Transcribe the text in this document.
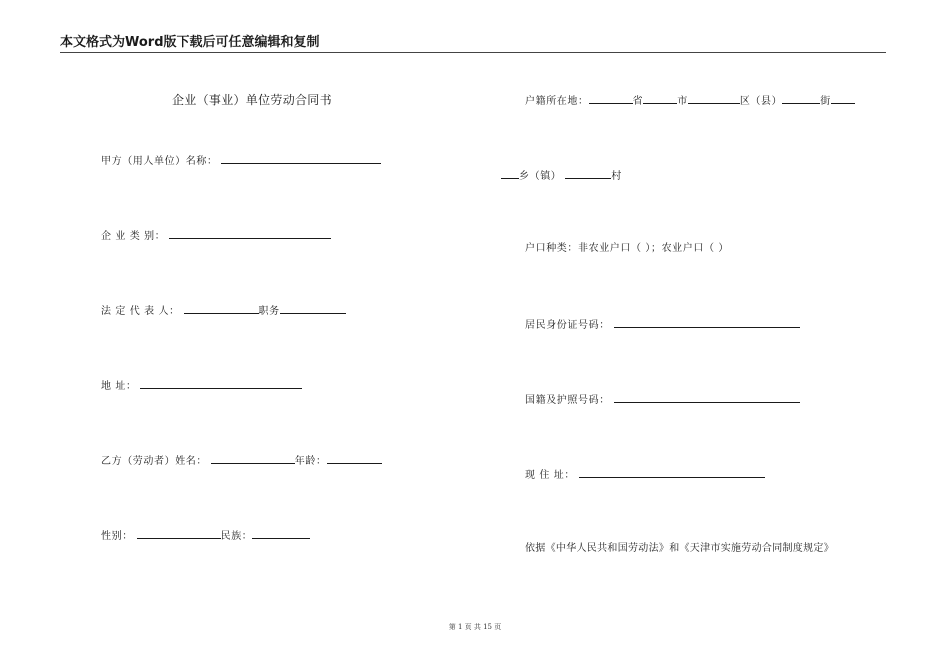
本文格式为Word版下载后可任意编辑和复制
企业（事业）单位劳动合同书
甲方（用人单位）名称：
企 业 类 别：
法 定 代 表 人：	职务
地 址：
乙方（劳动者）姓名：	年龄：
性别：	民族：
户籍所在地：	省	市	区（县）	街
乡（镇）	村
户口种类：非农业户口（ ）；农业户口（ ）
居民身份证号码：
国籍及护照号码：
现 住 址：
依据《中华人民共和国劳动法》和《天津市实施劳动合同制度规定》
第 1 页 共 15 页
